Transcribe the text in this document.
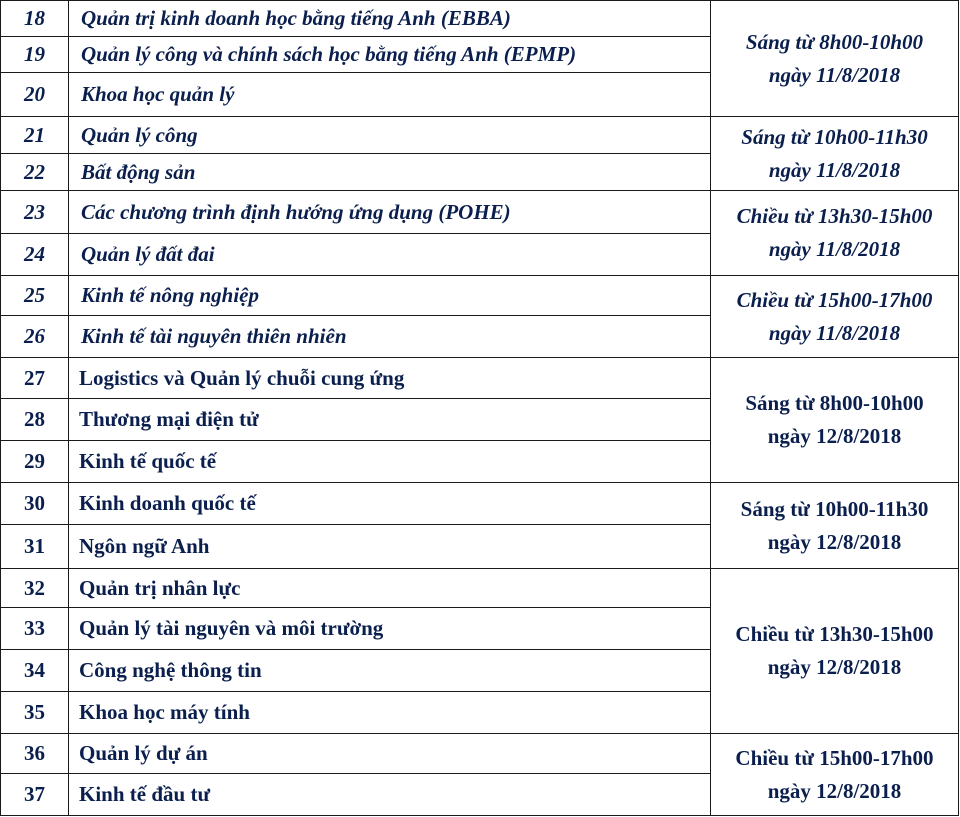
18	Quản trị kinh doanh học bằng tiếng Anh (EBBA)	Sáng từ 8h00-10h00
ngày 11/8/2018

19	Quản lý công và chính sách học bằng tiếng Anh (EPMP)	
20	Khoa học quản lý	
21	Quản lý công	Sáng từ 10h00-11h30
ngày 11/8/2018

22	Bất động sản	
23	Các chương trình định hướng ứng dụng (POHE)	Chiều từ 13h30-15h00
ngày 11/8/2018

24	Quản lý đất đai	
25	Kinh tế nông nghiệp	Chiều từ 15h00-17h00
ngày 11/8/2018

26	Kinh tế tài nguyên thiên nhiên	
27	Logistics và Quản lý chuỗi cung ứng	Sáng từ 8h00-10h00
ngày 12/8/2018

28	Thương mại điện tử	
29	Kinh tế quốc tế	
30	Kinh doanh quốc tế	Sáng từ 10h00-11h30
ngày 12/8/2018

31	Ngôn ngữ Anh	
32	Quản trị nhân lực	Chiều từ 13h30-15h00
ngày 12/8/2018

33	Quản lý tài nguyên và môi trường	
34	Công nghệ thông tin	
35	Khoa học máy tính	
36	Quản lý dự án	Chiều từ 15h00-17h00
ngày 12/8/2018

37	Kinh tế đầu tư	
